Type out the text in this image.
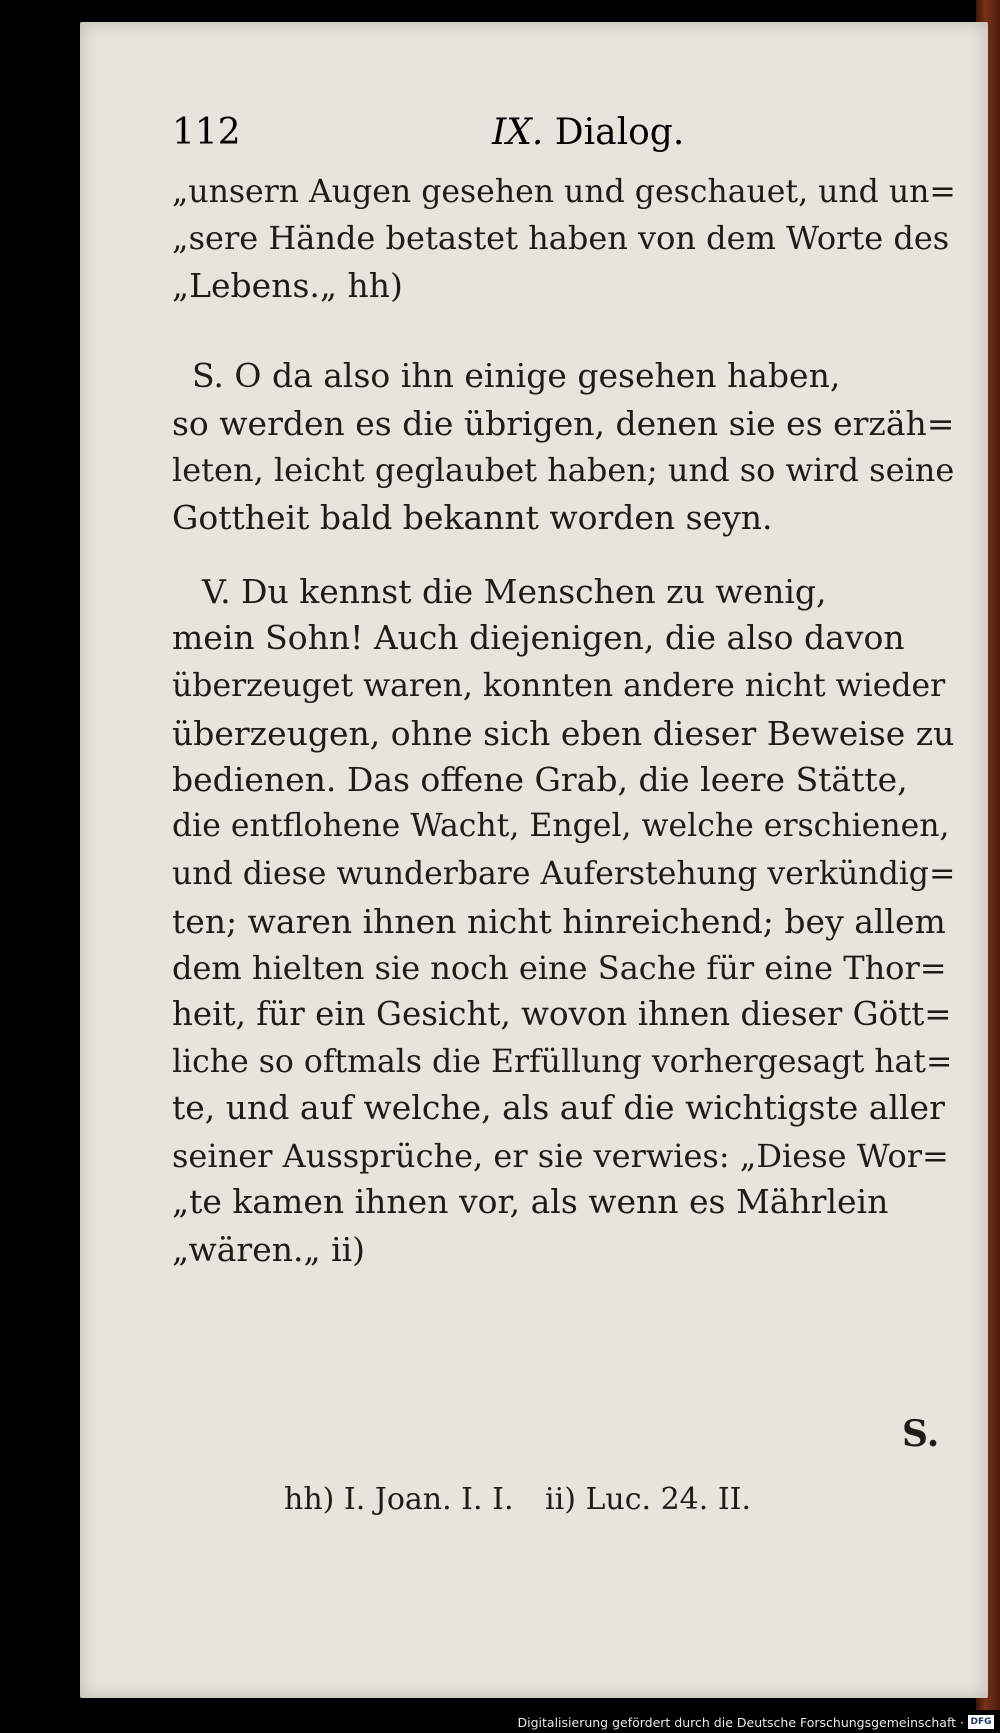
112	IX. Dialog.
„unsern Augen gesehen und geschauet, und un=
„sere Hände betastet haben von dem Worte des
„Lebens.„ hh)
S. O da also ihn einige gesehen haben,
so werden es die übrigen, denen sie es erzäh=
leten, leicht geglaubet haben; und so wird seine
Gottheit bald bekannt worden seyn.
V. Du kennst die Menschen zu wenig,
mein Sohn! Auch diejenigen, die also davon
überzeuget waren, konnten andere nicht wieder
überzeugen, ohne sich eben dieser Beweise zu
bedienen. Das offene Grab, die leere Stätte,
die entflohene Wacht, Engel, welche erschienen,
und diese wunderbare Auferstehung verkündig=
ten; waren ihnen nicht hinreichend; bey allem
dem hielten sie noch eine Sache für eine Thor=
heit, für ein Gesicht, wovon ihnen dieser Gött=
liche so oftmals die Erfüllung vorhergesagt hat=
te, und auf welche, als auf die wichtigste aller
seiner Aussprüche, er sie verwies: „Diese Wor=
„te kamen ihnen vor, als wenn es Mährlein
„wären.„ ii)
S.
hh) I. Joan. I. I. ii) Luc. 24. II.
Digitalisierung gefördert durch die Deutsche Forschungsgemeinschaft · DFG
